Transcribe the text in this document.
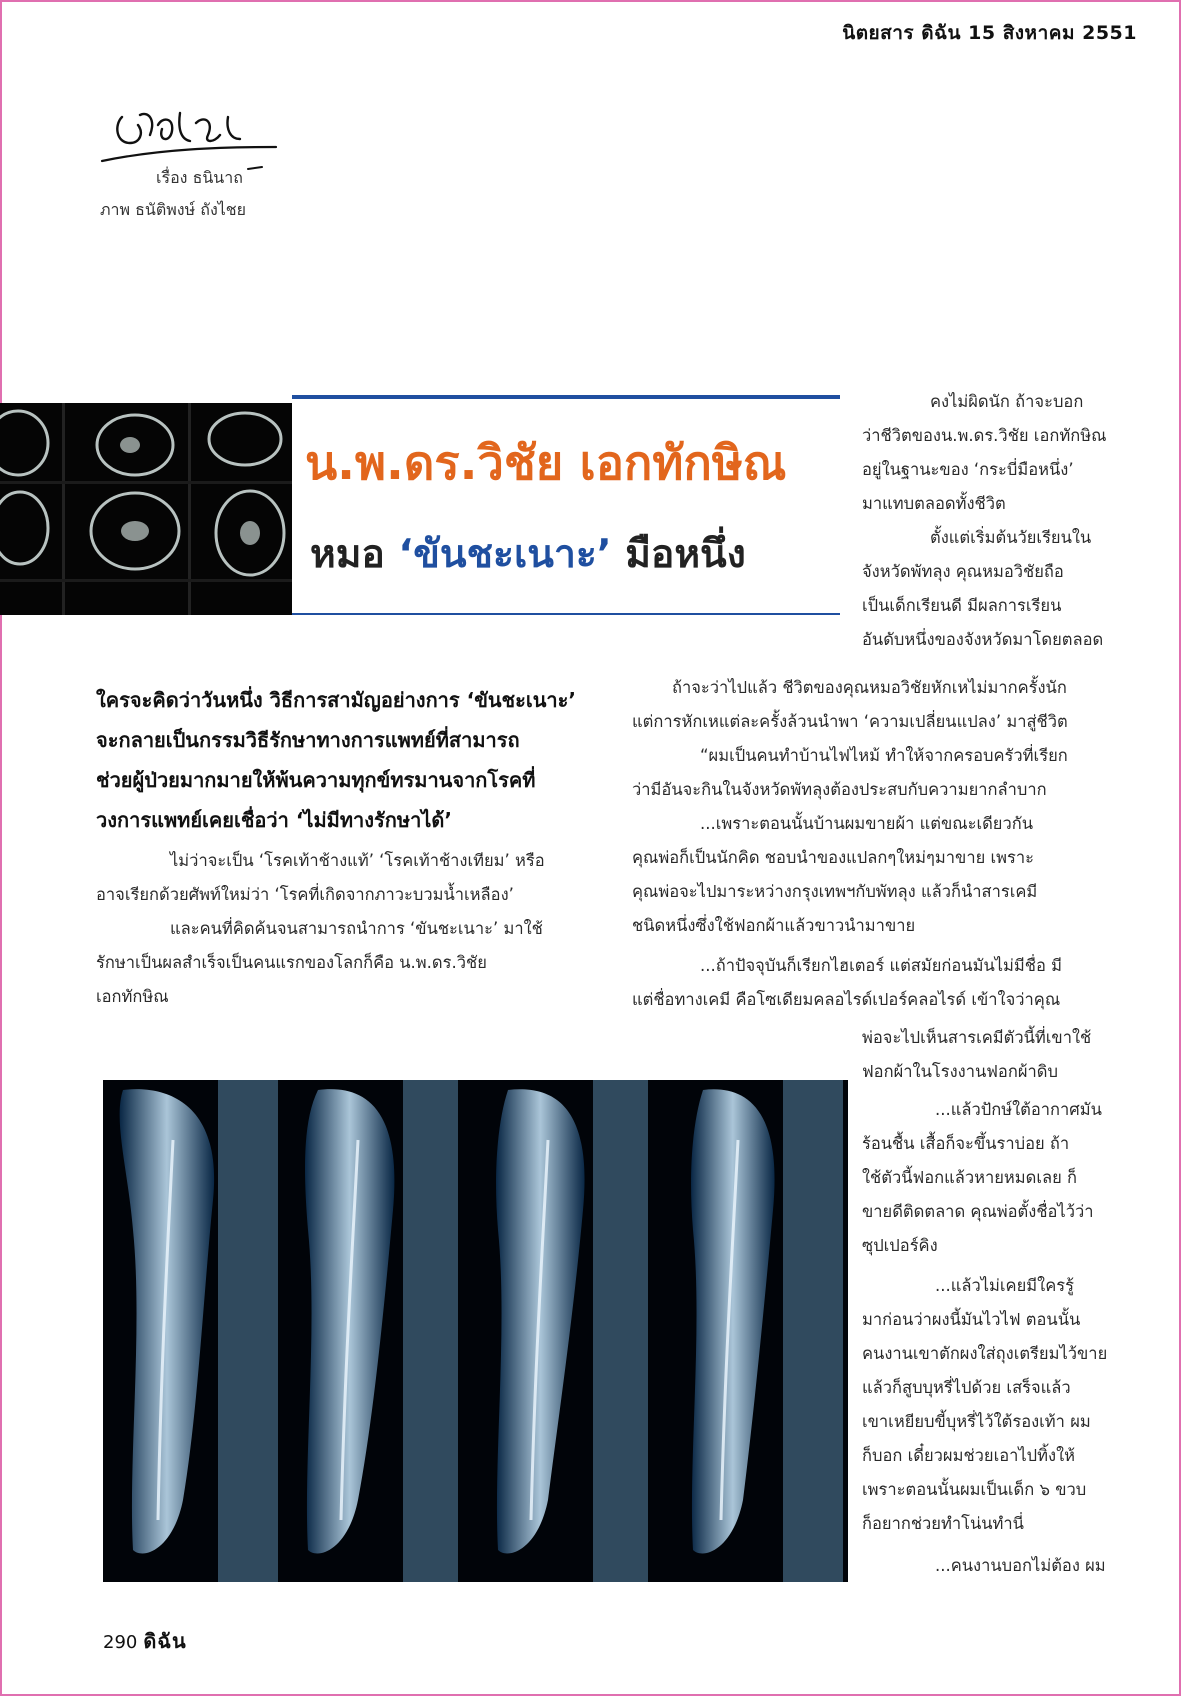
นิตยสาร ดิฉัน 15 สิงหาคม 2551
เรื่อง ธนินาถ
ภาพ ธนัติพงษ์ ถังไชย
น.พ.ดร.วิชัย เอกทักษิณ
หมอ ‘ขันชะเนาะ’ มือหนึ่ง
คงไม่ผิดนัก ถ้าจะบอก
ว่าชีวิตของน.พ.ดร.วิชัย เอกทักษิณ
อยู่ในฐานะของ ‘กระบี่มือหนึ่ง’
มาแทบตลอดทั้งชีวิต
ตั้งแต่เริ่มต้นวัยเรียนใน
จังหวัดพัทลุง คุณหมอวิชัยถือ
เป็นเด็กเรียนดี มีผลการเรียน
อันดับหนึ่งของจังหวัดมาโดยตลอด
ใครจะคิดว่าวันหนึ่ง วิธีการสามัญอย่างการ ‘ขันชะเนาะ’
จะกลายเป็นกรรมวิธีรักษาทางการแพทย์ที่สามารถ
ช่วยผู้ป่วยมากมายให้พ้นความทุกข์ทรมานจากโรคที่
วงการแพทย์เคยเชื่อว่า ‘ไม่มีทางรักษาได้’
ไม่ว่าจะเป็น ‘โรคเท้าช้างแท้’ ‘โรคเท้าช้างเทียม’ หรือ
อาจเรียกด้วยศัพท์ใหม่ว่า ‘โรคที่เกิดจากภาวะบวมน้ำเหลือง’
และคนที่คิดค้นจนสามารถนำการ ‘ขันชะเนาะ’ มาใช้
รักษาเป็นผลสำเร็จเป็นคนแรกของโลกก็คือ น.พ.ดร.วิชัย
เอกทักษิณ
ถ้าจะว่าไปแล้ว ชีวิตของคุณหมอวิชัยหักเหไม่มากครั้งนัก
แต่การหักเหแต่ละครั้งล้วนนำพา ‘ความเปลี่ยนแปลง’ มาสู่ชีวิต
“ผมเป็นคนทำบ้านไฟไหม้ ทำให้จากครอบครัวที่เรียก
ว่ามีอันจะกินในจังหวัดพัทลุงต้องประสบกับความยากลำบาก
...เพราะตอนนั้นบ้านผมขายผ้า แต่ขณะเดียวกัน
คุณพ่อก็เป็นนักคิด ชอบนำของแปลกๆใหม่ๆมาขาย เพราะ
คุณพ่อจะไปมาระหว่างกรุงเทพฯกับพัทลุง แล้วก็นำสารเคมี
ชนิดหนึ่งซึ่งใช้ฟอกผ้าแล้วขาวนำมาขาย
...ถ้าปัจจุบันก็เรียกไฮเตอร์ แต่สมัยก่อนมันไม่มีชื่อ มี
แต่ชื่อทางเคมี คือโซเดียมคลอไรด์เปอร์คลอไรด์ เข้าใจว่าคุณ
พ่อจะไปเห็นสารเคมีตัวนี้ที่เขาใช้
ฟอกผ้าในโรงงานฟอกผ้าดิบ
...แล้วปักษ์ใต้อากาศมัน
ร้อนชื้น เสื้อก็จะขึ้นราบ่อย ถ้า
ใช้ตัวนี้ฟอกแล้วหายหมดเลย ก็
ขายดีติดตลาด คุณพ่อตั้งชื่อไว้ว่า
ซุปเปอร์คิง
...แล้วไม่เคยมีใครรู้
มาก่อนว่าผงนี้มันไวไฟ ตอนนั้น
คนงานเขาตักผงใส่ถุงเตรียมไว้ขาย
แล้วก็สูบบุหรี่ไปด้วย เสร็จแล้ว
เขาเหยียบขี้บุหรี่ไว้ใต้รองเท้า ผม
ก็บอก เดี๋ยวผมช่วยเอาไปทิ้งให้
เพราะตอนนั้นผมเป็นเด็ก ๖ ขวบ
ก็อยากช่วยทำโน่นทำนี่
...คนงานบอกไม่ต้อง ผม
290 ดิฉัน
